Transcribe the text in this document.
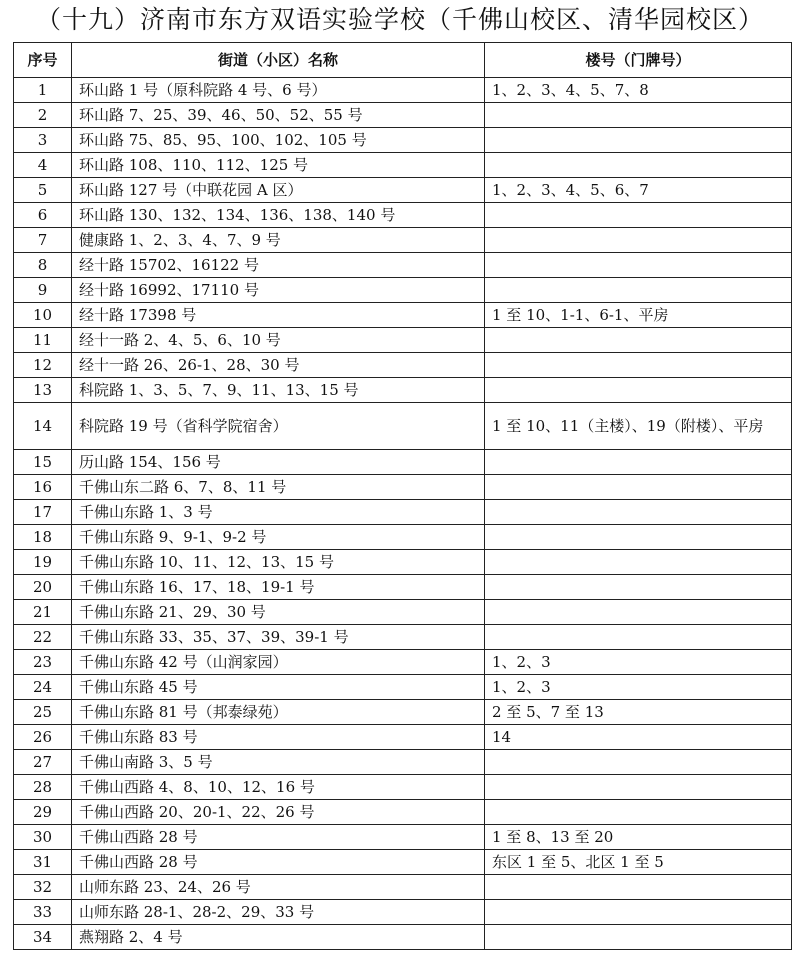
（十九）济南市东方双语实验学校（千佛山校区、清华园校区）
序号	街道（小区）名称	楼号（门牌号）
1	环山路 1 号（原科院路 4 号、6 号）	1、2、3、4、5、7、8
2	环山路 7、25、39、46、50、52、55 号	
3	环山路 75、85、95、100、102、105 号	
4	环山路 108、110、112、125 号	
5	环山路 127 号（中联花园 A 区）	1、2、3、4、5、6、7
6	环山路 130、132、134、136、138、140 号	
7	健康路 1、2、3、4、7、9 号	
8	经十路 15702、16122 号	
9	经十路 16992、17110 号	
10	经十路 17398 号	1 至 10、1-1、6-1、平房
11	经十一路 2、4、5、6、10 号	
12	经十一路 26、26-1、28、30 号	
13	科院路 1、3、5、7、9、11、13、15 号	
14	科院路 19 号（省科学院宿舍）	1 至 10、11（主楼）、19（附楼）、平房
15	历山路 154、156 号	
16	千佛山东二路 6、7、8、11 号	
17	千佛山东路 1、3 号	
18	千佛山东路 9、9-1、9-2 号	
19	千佛山东路 10、11、12、13、15 号	
20	千佛山东路 16、17、18、19-1 号	
21	千佛山东路 21、29、30 号	
22	千佛山东路 33、35、37、39、39-1 号	
23	千佛山东路 42 号（山润家园）	1、2、3
24	千佛山东路 45 号	1、2、3
25	千佛山东路 81 号（邦泰绿苑）	2 至 5、7 至 13
26	千佛山东路 83 号	14
27	千佛山南路 3、5 号	
28	千佛山西路 4、8、10、12、16 号	
29	千佛山西路 20、20-1、22、26 号	
30	千佛山西路 28 号	1 至 8、13 至 20
31	千佛山西路 28 号	东区 1 至 5、北区 1 至 5
32	山师东路 23、24、26 号	
33	山师东路 28-1、28-2、29、33 号	
34	燕翔路 2、4 号	
